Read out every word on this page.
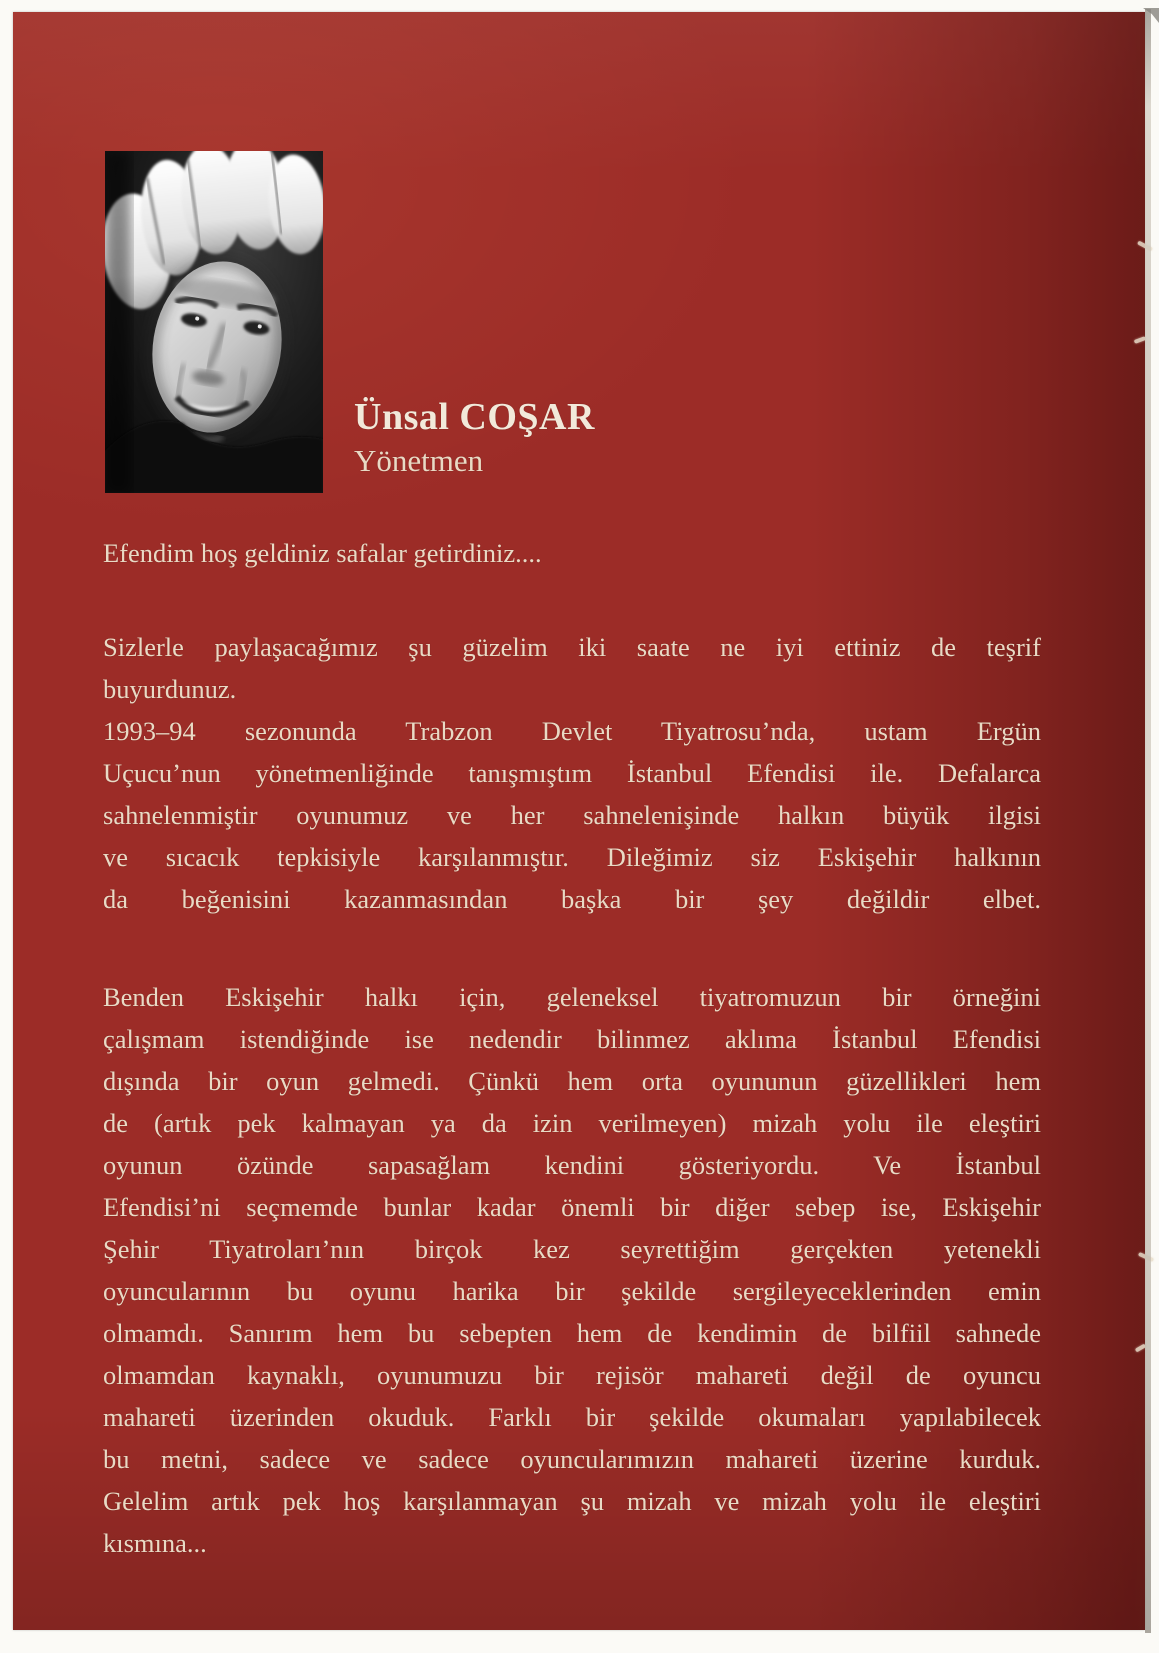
Ünsal COŞAR
Yönetmen
Efendim hoş geldiniz safalar getirdiniz....
Sizlerle paylaşacağımız şu güzelim iki saate ne iyi ettiniz de teşrif
buyurdunuz.
1993–94 sezonunda Trabzon Devlet Tiyatrosu’nda, ustam Ergün
Uçucu’nun yönetmenliğinde tanışmıştım İstanbul Efendisi ile. Defalarca
sahnelenmiştir oyunumuz ve her sahnelenişinde halkın büyük ilgisi
ve sıcacık tepkisiyle karşılanmıştır. Dileğimiz siz Eskişehir halkının
da beğenisini kazanmasından başka bir şey değildir elbet.
Benden Eskişehir halkı için, geleneksel tiyatromuzun bir örneğini
çalışmam istendiğinde ise nedendir bilinmez aklıma İstanbul Efendisi
dışında bir oyun gelmedi. Çünkü hem orta oyununun güzellikleri hem
de (artık pek kalmayan ya da izin verilmeyen) mizah yolu ile eleştiri
oyunun özünde sapasağlam kendini gösteriyordu. Ve İstanbul
Efendisi’ni seçmemde bunlar kadar önemli bir diğer sebep ise, Eskişehir
Şehir Tiyatroları’nın birçok kez seyrettiğim gerçekten yetenekli
oyuncularının bu oyunu harika bir şekilde sergileyeceklerinden emin
olmamdı. Sanırım hem bu sebepten hem de kendimin de bilfiil sahnede
olmamdan kaynaklı, oyunumuzu bir rejisör mahareti değil de oyuncu
mahareti üzerinden okuduk. Farklı bir şekilde okumaları yapılabilecek
bu metni, sadece ve sadece oyuncularımızın mahareti üzerine kurduk.
Gelelim artık pek hoş karşılanmayan şu mizah ve mizah yolu ile eleştiri
kısmına...
